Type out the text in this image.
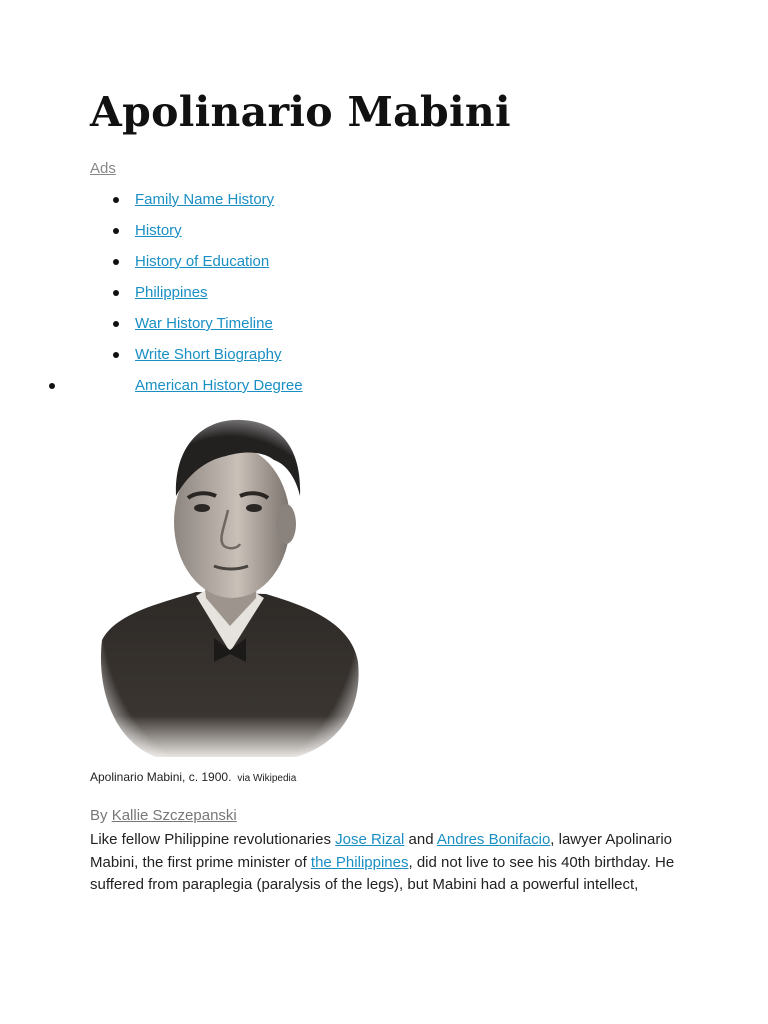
Apolinario Mabini
Ads
Family Name History
History
History of Education
Philippines
War History Timeline
Write Short Biography
American History Degree
Apolinario Mabini, c. 1900. via Wikipedia
By Kallie Szczepanski

Like fellow Philippine revolutionaries Jose Rizal and Andres Bonifacio, lawyer Apolinario Mabini, the first prime minister of the Philippines, did not live to see his 40th birthday. He suffered from paraplegia (paralysis of the legs), but Mabini had a powerful intellect,
